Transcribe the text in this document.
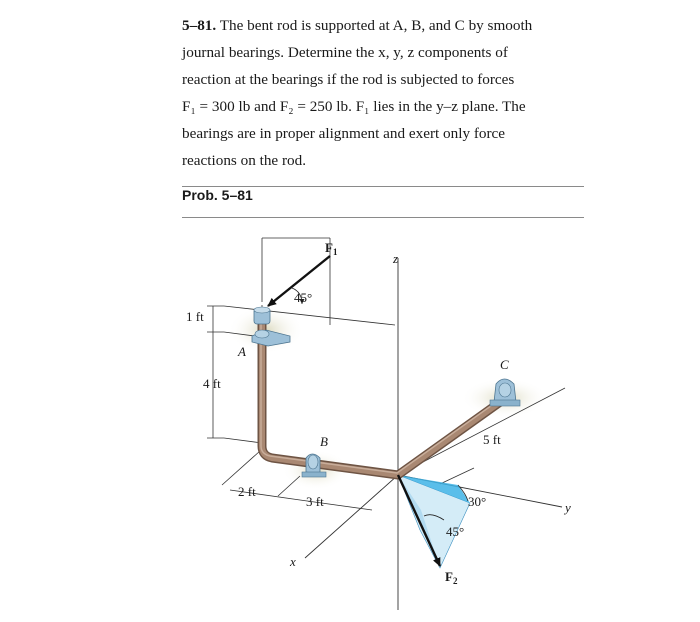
5–81. The bent rod is supported at A, B, and C by smooth
journal bearings. Determine the x, y, z components of
reaction at the bearings if the rod is subjected to forces
F₁ = 300 lb and F₂ = 250 lb. F₁ lies in the y–z plane. The
bearings are in proper alignment and exert only force
reactions on the rod.
Prob. 5–81
$F_1$
$F_2$
45°
30°
45°
z
y
x
A
B
C
1 ft
4 ft
2 ft
3 ft
5 ft
